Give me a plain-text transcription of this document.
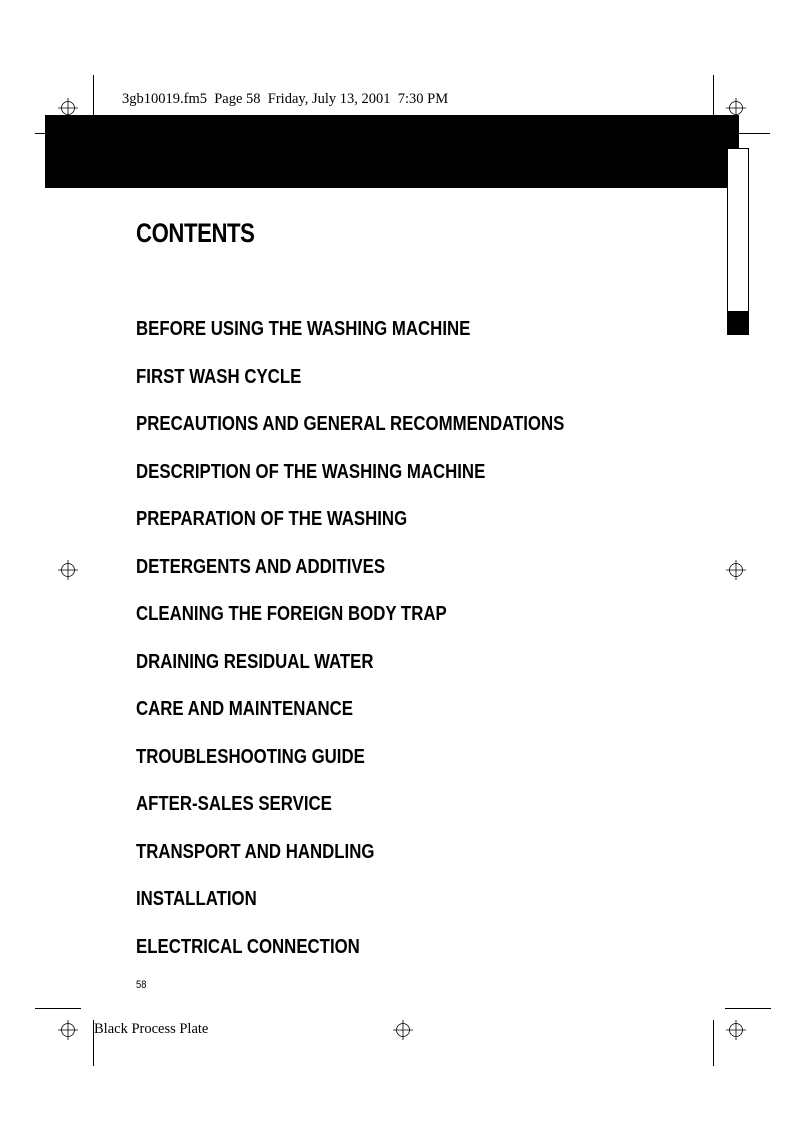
3gb10019.fm5  Page 58  Friday, July 13, 2001  7:30 PM
CONTENTS
BEFORE USING THE WASHING MACHINE
FIRST WASH CYCLE
PRECAUTIONS AND GENERAL RECOMMENDATIONS
DESCRIPTION OF THE WASHING MACHINE
PREPARATION OF THE WASHING
DETERGENTS AND ADDITIVES
CLEANING THE FOREIGN BODY TRAP
DRAINING RESIDUAL WATER
CARE AND MAINTENANCE
TROUBLESHOOTING GUIDE
AFTER-SALES SERVICE
TRANSPORT AND HANDLING
INSTALLATION
ELECTRICAL CONNECTION
58
Black Process Plate
